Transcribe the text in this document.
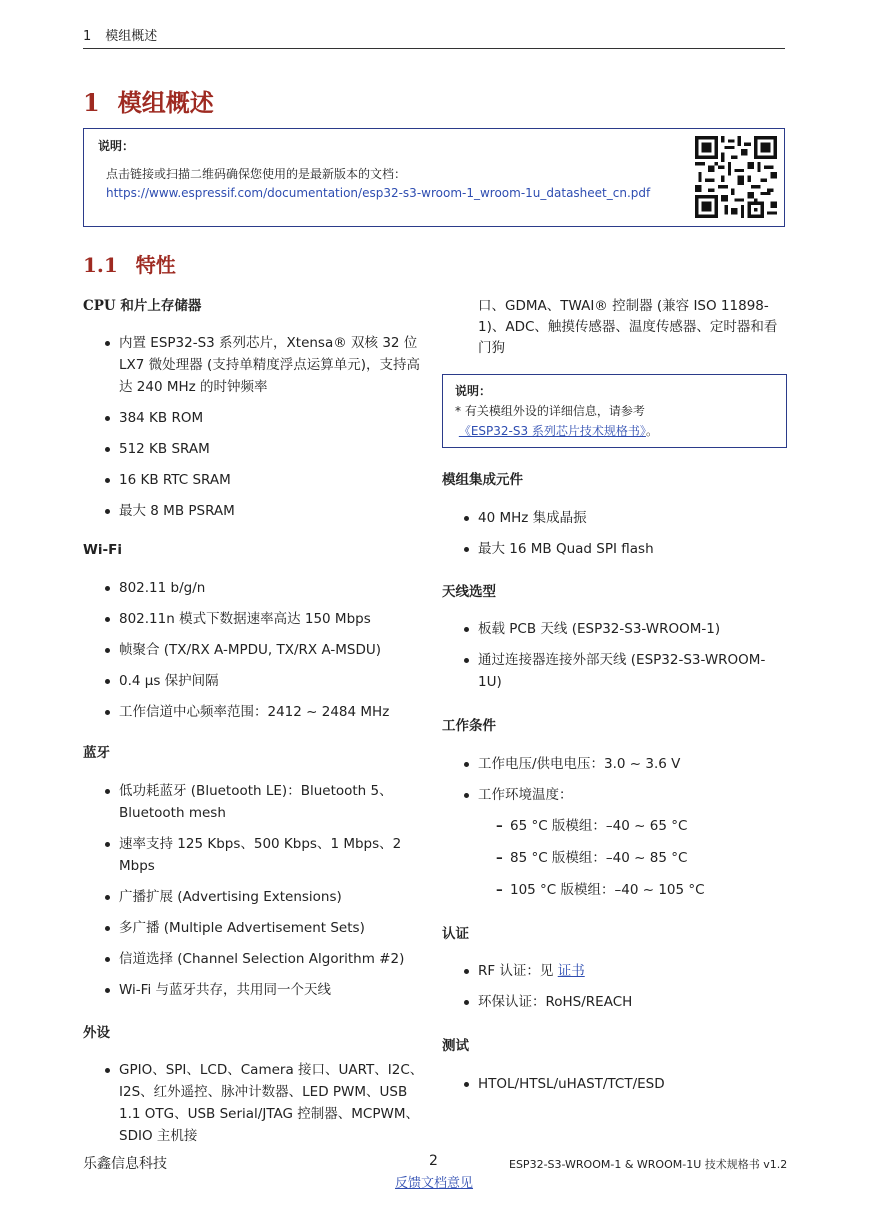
1 模组概述
1 模组概述
说明：
点击链接或扫描二维码确保您使用的是最新版本的文档：
https://www.espressif.com/documentation/esp32-s3-wroom-1_wroom-1u_datasheet_cn.pdf
1.1 特性

CPU 和片上存储器

内置 ESP32-S3 系列芯片，Xtensa® 双核 32 位 LX7 微处理器 (支持单精度浮点运算单元)，支持高达 240 MHz 的时钟频率
384 KB ROM
512 KB SRAM
16 KB RTC SRAM
最大 8 MB PSRAM

Wi-Fi

802.11 b/g/n
802.11n 模式下数据速率高达 150 Mbps
帧聚合 (TX/RX A-MPDU, TX/RX A-MSDU)
0.4 µs 保护间隔
工作信道中心频率范围：2412 ~ 2484 MHz

蓝牙

低功耗蓝牙 (Bluetooth LE)：Bluetooth 5、Bluetooth mesh
速率支持 125 Kbps、500 Kbps、1 Mbps、2 Mbps
广播扩展 (Advertising Extensions)
多广播 (Multiple Advertisement Sets)
信道选择 (Channel Selection Algorithm #2)
Wi-Fi 与蓝牙共存，共用同一个天线

外设

GPIO、SPI、LCD、Camera 接口、UART、I2C、I2S、红外遥控、脉冲计数器、LED PWM、USB 1.1 OTG、USB Serial/JTAG 控制器、MCPWM、SDIO 主机接
口、GDMA、TWAI® 控制器 (兼容 ISO 11898-1)、ADC、触摸传感器、温度传感器、定时器和看门狗
说明：
* 有关模组外设的详细信息，请参考
《ESP32-S3 系列芯片技术规格书》。

模组集成元件

40 MHz 集成晶振
最大 16 MB Quad SPI flash

天线选型

板载 PCB 天线 (ESP32-S3-WROOM-1)
通过连接器连接外部天线 (ESP32-S3-WROOM-1U)

工作条件

工作电压/供电电压：3.0 ~ 3.6 V
工作环境温度：
– 65 °C 版模组：–40 ~ 65 °C
– 85 °C 版模组：–40 ~ 85 °C
– 105 °C 版模组：–40 ~ 105 °C

认证

RF 认证：见 证书
环保认证：RoHS/REACH

测试

HTOL/HTSL/uHAST/TCT/ESD
乐鑫信息科技	2	ESP32-S3-WROOM-1 & WROOM-1U 技术规格书 v1.2
反馈文档意见
